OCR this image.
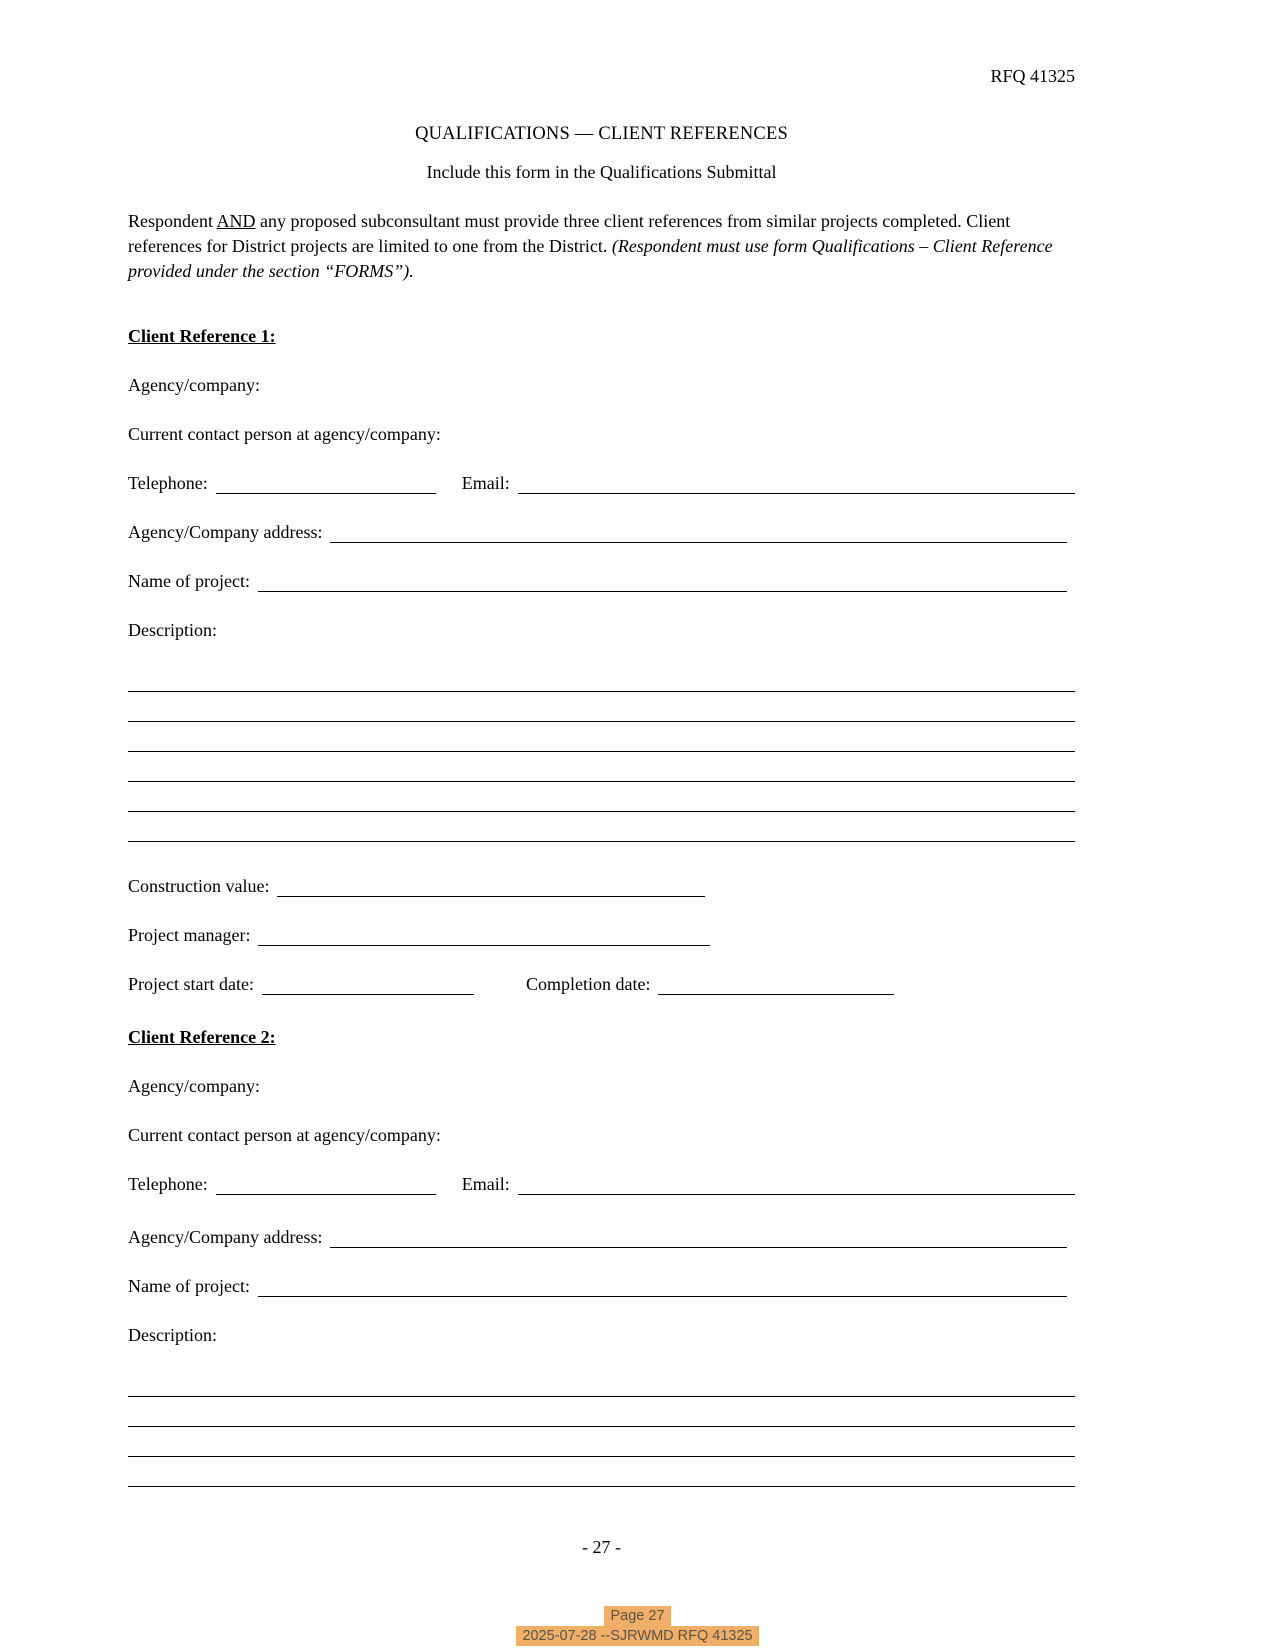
RFQ 41325
QUALIFICATIONS — CLIENT REFERENCES
Include this form in the Qualifications Submittal
Respondent AND any proposed subconsultant must provide three client references from similar projects completed. Client references for District projects are limited to one from the District. (Respondent must use form Qualifications – Client Reference provided under the section “FORMS”).
Client Reference 1:
Agency/company:
Current contact person at agency/company:
Telephone:	Email:
Agency/Company address:
Name of project:
Description:
Construction value:
Project manager:
Project start date:	Completion date:
Client Reference 2:
Agency/company:
Current contact person at agency/company:
Telephone:	Email:
Agency/Company address:
Name of project:
Description:
- 27 -
Page 27
2025-07-28 --SJRWMD RFQ 41325
